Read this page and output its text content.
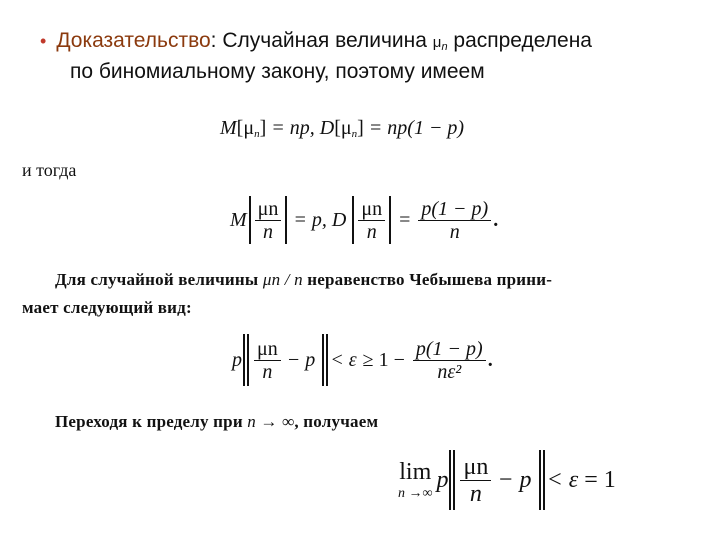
• Доказательство: Случайная величина $\mu_n$ распределена
по биномиальному закону, поэтому имеем
$M[\mu_n]$ = np, $D[\mu_n] = np(1 - p)$
и тогда
M $\frac{\mu n}{n} = p$, D $\frac{\mu n}{n} = \frac{p(1 - p)}{n}$ .
Для случайной величины μn / n неравенство Чебышева прини-
мает следующий вид:
p $\frac{\mu n}{n} - p < \varepsilon \ge 1 - \frac{p(1 - p)}{\text{nε²}}$ .
Переходя к пределу при n → ∞, получаем
lim
n →∞
p $\frac{\mu n}{n} - p < \varepsilon = 1$
